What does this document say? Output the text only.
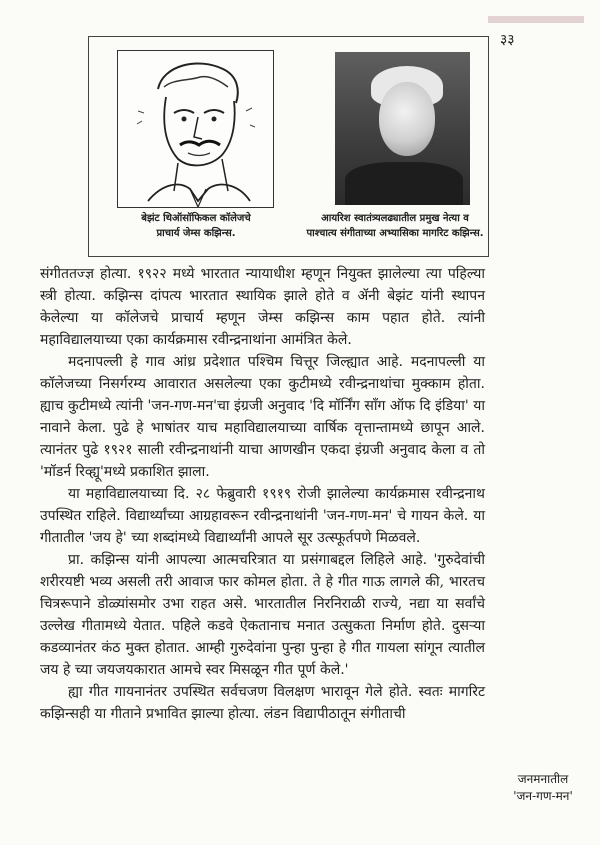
३३
बेझंट थिऑसॉफिकल कॉलेजचे
प्राचार्य जेम्स कझिन्स.
आयरिश स्वातंत्र्यलढ्यातील प्रमुख नेत्या व
पाश्चात्य संगीताच्या अभ्यासिका मागरिट कझिन्स.

संगीततज्ज्ञ होत्या. १९२२ मध्ये भारतात न्यायाधीश म्हणून नियुक्त झालेल्या त्या पहिल्या स्त्री होत्या. कझिन्स दांपत्य भारतात स्थायिक झाले होते व ॲनी बेझंट यांनी स्थापन केलेल्या या कॉलेजचे प्राचार्य म्हणून जेम्स कझिन्स काम पहात होते. त्यांनी महाविद्यालयाच्या एका कार्यक्रमास रवीन्द्रनाथांना आमंत्रित केले.

मदनापल्ली हे गाव आंध्र प्रदेशात पश्चिम चित्तूर जिल्ह्यात आहे. मदनापल्ली या कॉलेजच्या निसर्गरम्य आवारात असलेल्या एका कुटीमध्ये रवीन्द्रनाथांचा मुक्काम होता. ह्याच कुटीमध्ये त्यांनी 'जन-गण-मन'चा इंग्रजी अनुवाद 'दि मॉर्निंग साँग ऑफ दि इंडिया' या नावाने केला. पुढे हे भाषांतर याच महाविद्यालयाच्या वार्षिक वृत्तान्तामध्ये छापून आले. त्यानंतर पुढे १९२१ साली रवीन्द्रनाथांनी याचा आणखीन एकदा इंग्रजी अनुवाद केला व तो 'मॉडर्न रिव्ह्यू'मध्ये प्रकाशित झाला.

या महाविद्यालयाच्या दि. २८ फेब्रुवारी १९१९ रोजी झालेल्या कार्यक्रमास रवीन्द्रनाथ उपस्थित राहिले. विद्यार्थ्यांच्या आग्रहावरून रवीन्द्रनाथांनी 'जन-गण-मन' चे गायन केले. या गीतातील 'जय हे' च्या शब्दांमध्ये विद्यार्थ्यांनी आपले सूर उत्स्फूर्तपणे मिळवले.

प्रा. कझिन्स यांनी आपल्या आत्मचरित्रात या प्रसंगाबद्दल लिहिले आहे. 'गुरुदेवांची शरीरयष्टी भव्य असली तरी आवाज फार कोमल होता. ते हे गीत गाऊ लागले की, भारतच चित्ररूपाने डोळ्यांसमोर उभा राहत असे. भारतातील निरनिराळी राज्ये, नद्या या सर्वांचे उल्लेख गीतामध्ये येतात. पहिले कडवे ऐकतानाच मनात उत्सुकता निर्माण होते. दुसऱ्या कडव्यानंतर कंठ मुक्त होतात. आम्ही गुरुदेवांना पुन्हा पुन्हा हे गीत गायला सांगून त्यातील जय हे च्या जयजयकारात आमचे स्वर मिसळून गीत पूर्ण केले.'

ह्या गीत गायनानंतर उपस्थित सर्वचजण विलक्षण भारावून गेले होते. स्वतः मागरिट कझिन्सही या गीताने प्रभावित झाल्या होत्या. लंडन विद्यापीठातून संगीताची

जनमनातील
'जन-गण-मन'
